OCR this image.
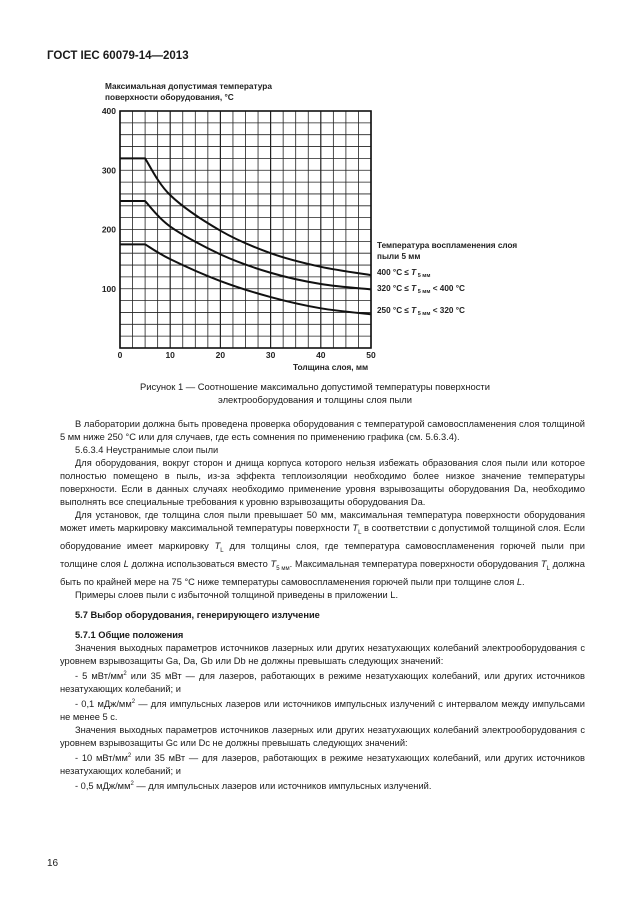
ГОСТ IEC 60079-14—2013
Максимальная допустимая температура
поверхности оборудования, °С
100
200
300
400
0	10	20	30	40	50
Толщина слоя, мм
Температура воспламенения слоя
пыли 5 мм
400 °С ≤ T $_{5 мм}$
320 °С ≤ T $_{5 мм}$ < 400 °С
250 °С ≤ T $_{5 мм}$ < 320 °С
Рисунок 1 — Соотношение максимально допустимой температуры поверхности
электрооборудования и толщины слоя пыли

В лаборатории должна быть проведена проверка оборудования с температурой самовоспламенения слоя толщиной 5 мм ниже 250 °С или для случаев, где есть сомнения по применению графика (см. 5.6.3.4).

5.6.3.4 Неустранимые слои пыли

Для оборудования, вокруг сторон и днища корпуса которого нельзя избежать образования слоя пыли или которое полностью помещено в пыль, из-за эффекта теплоизоляции необходимо более низкое значение температуры поверхности. Если в данных случаях необходимо применение уровня взрывозащиты оборудования Da, необходимо выполнять все специальные требования к уровню взрывозащиты оборудования Da.

Для установок, где толщина слоя пыли превышает 50 мм, максимальная температура поверхности оборудования может иметь маркировку максимальной температуры поверхности $T_L$ в соответствии с допустимой толщиной слоя. Если оборудование имеет маркировку $T_L$ для толщины слоя, где температура самовоспламенения горючей пыли при толщине слоя L должна использоваться вместо $T_{5 мм}$. Максимальная температура поверхности оборудования $T_L$ должна быть по крайней мере на 75 °С ниже температуры самовоспламенения горючей пыли при толщине слоя L.

Примеры слоев пыли с избыточной толщиной приведены в приложении L.

5.7 Выбор оборудования, генерирующего излучение

5.7.1 Общие положения

Значения выходных параметров источников лазерных или других незатухающих колебаний электрооборудования с уровнем взрывозащиты Ga, Da, Gb или Db не должны превышать следующих значений:

- 5 мВт/$мм^2$ или 35 мВт — для лазеров, работающих в режиме незатухающих колебаний, или других источников незатухающих колебаний; и

- 0,1 мДж/$мм^2$ — для импульсных лазеров или источников импульсных излучений с интервалом между импульсами не менее 5 с.

Значения выходных параметров источников лазерных или других незатухающих колебаний электрооборудования с уровнем взрывозащиты Gc или Dc не должны превышать следующих значений:

- 10 мВт/$мм^2$ или 35 мВт — для лазеров, работающих в режиме незатухающих колебаний, или других источников незатухающих колебаний; и

- 0,5 мДж/$мм^2$ — для импульсных лазеров или источников импульсных излучений.

16
